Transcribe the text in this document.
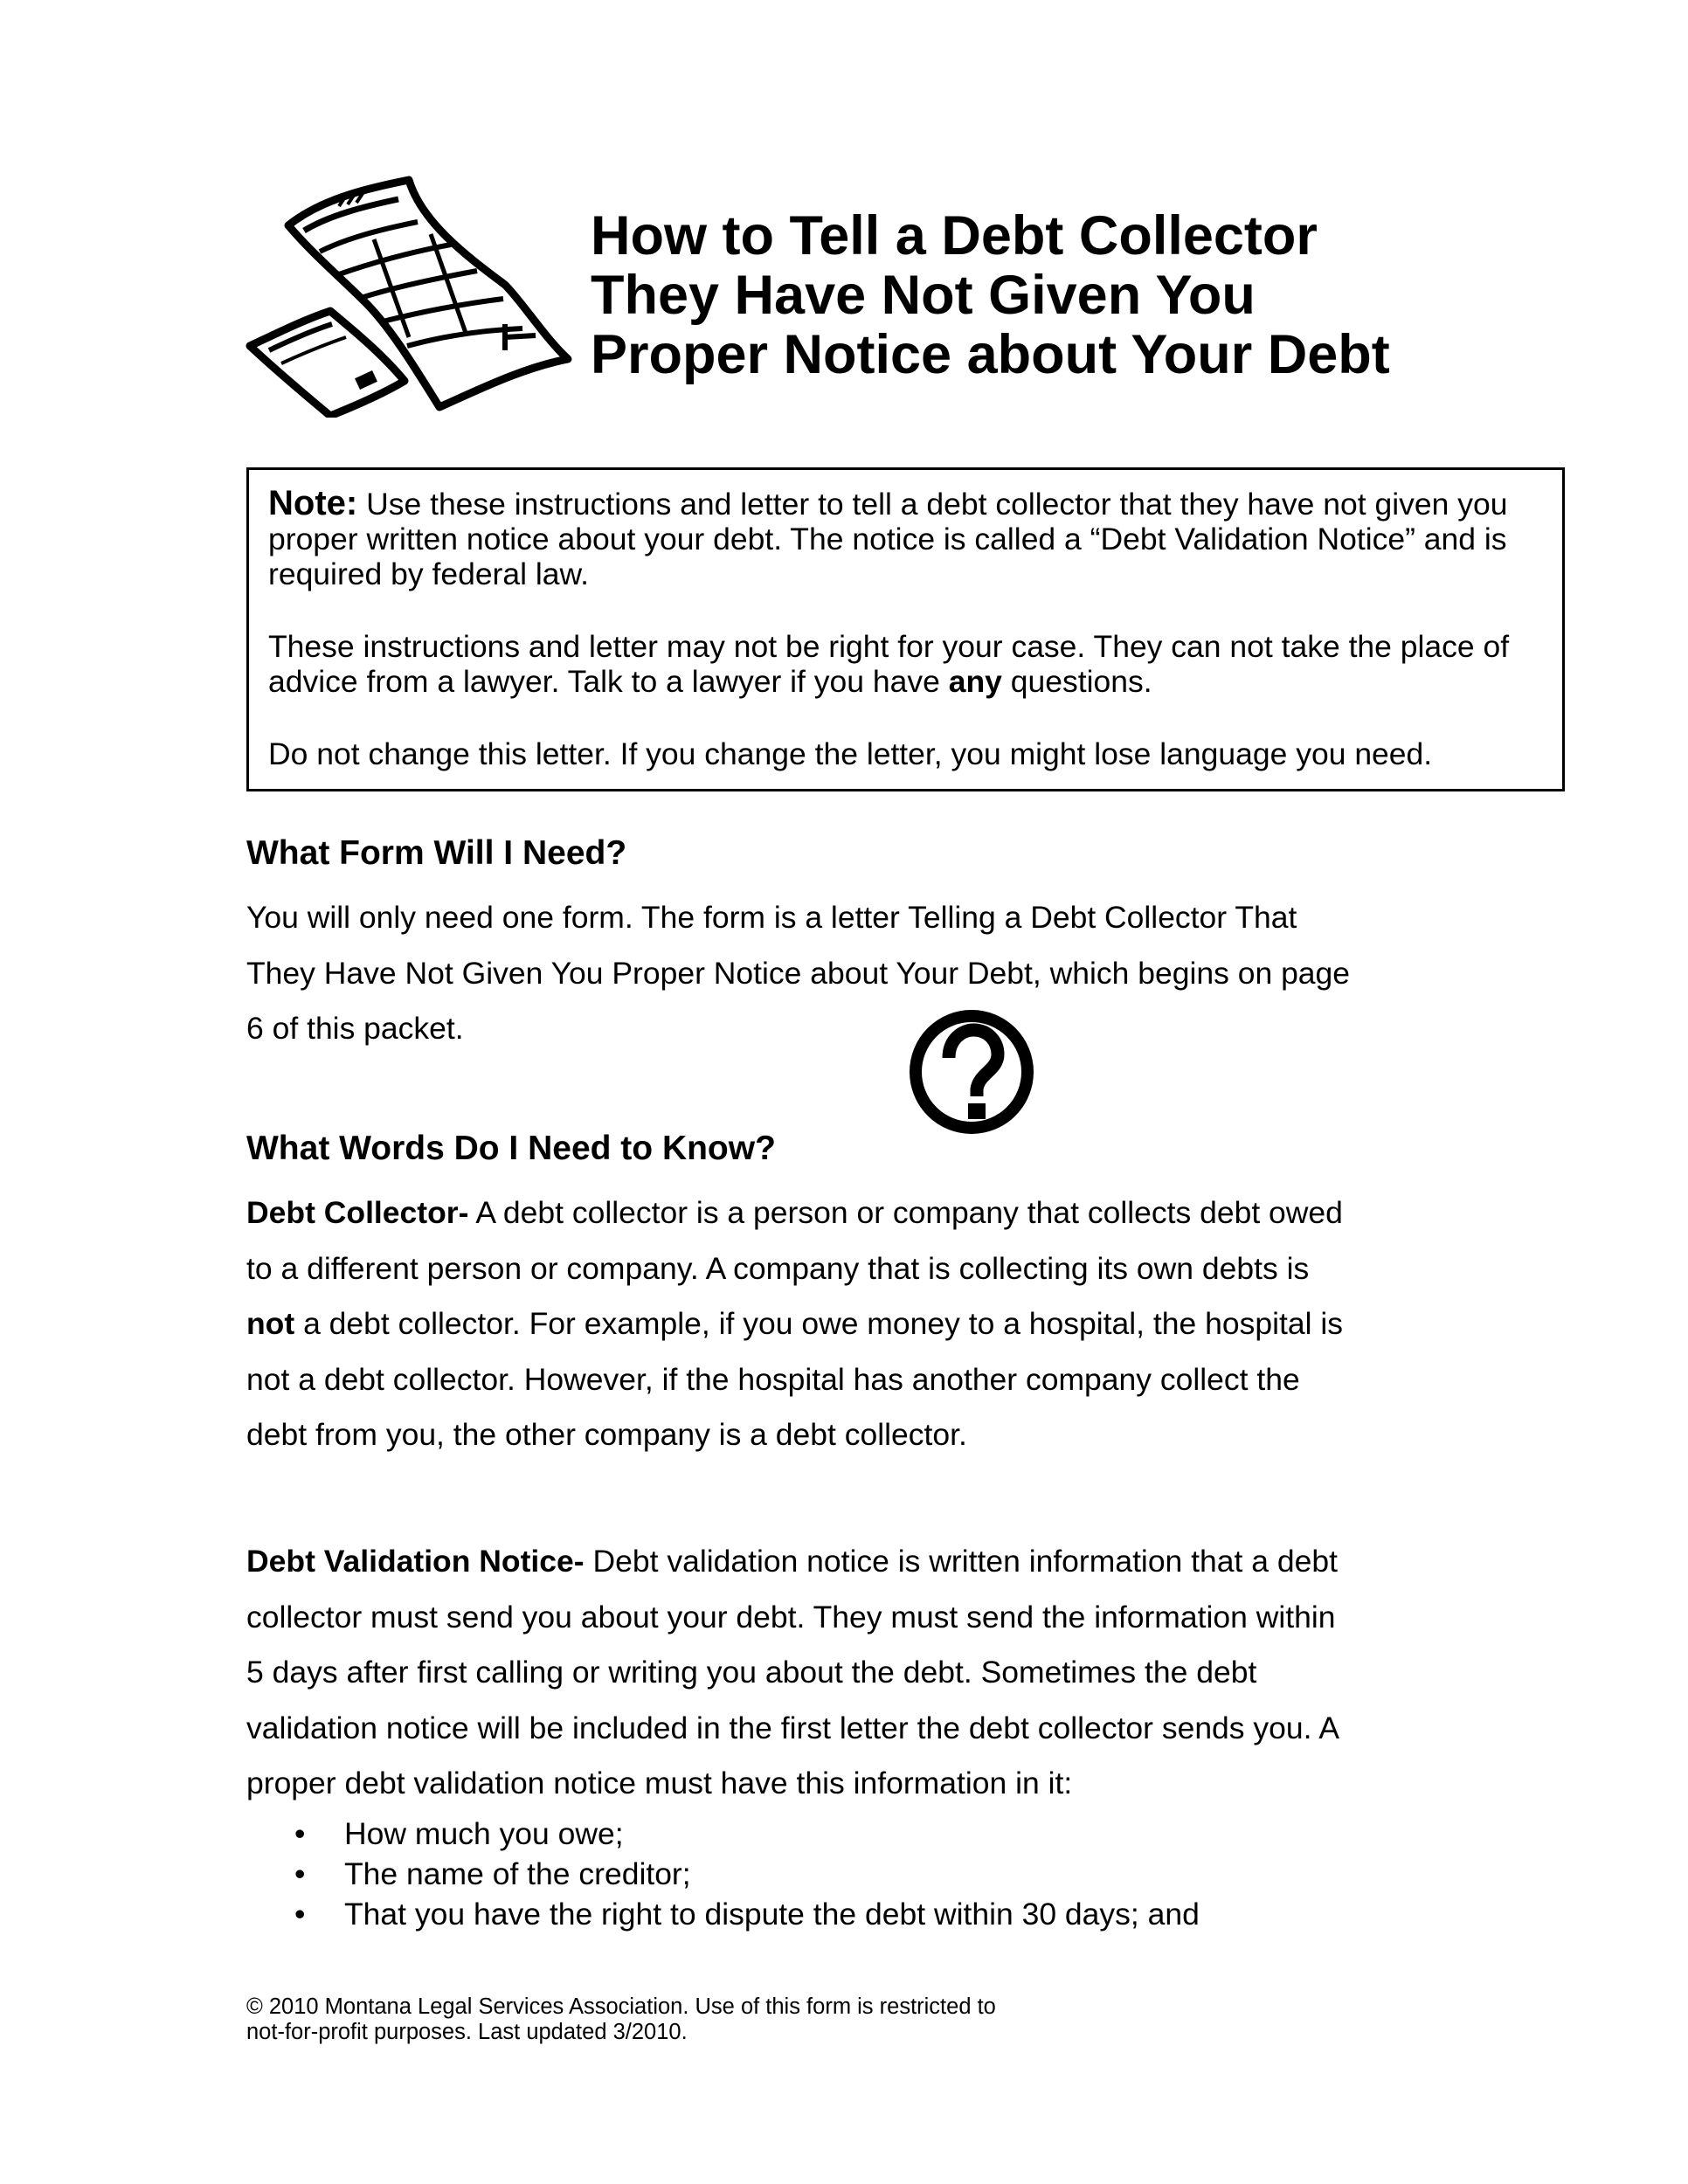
How to Tell a Debt Collector
They Have Not Given You
Proper Notice about Your Debt

Note: Use these instructions and letter to tell a debt collector that they have not given you proper written notice about your debt. The notice is called a “Debt Validation Notice” and is required by federal law.

These instructions and letter may not be right for your case. They can not take the place of advice from a lawyer. Talk to a lawyer if you have any questions.

Do not change this letter. If you change the letter, you might lose language you need.

What Form Will I Need?
You will only need one form. The form is a letter Telling a Debt Collector That
They Have Not Given You Proper Notice about Your Debt, which begins on page
6 of this packet.
What Words Do I Need to Know?
Debt Collector- A debt collector is a person or company that collects debt owed
to a different person or company. A company that is collecting its own debts is
not a debt collector. For example, if you owe money to a hospital, the hospital is
not a debt collector. However, if the hospital has another company collect the
debt from you, the other company is a debt collector.
Debt Validation Notice- Debt validation notice is written information that a debt
collector must send you about your debt. They must send the information within
5 days after first calling or writing you about the debt. Sometimes the debt
validation notice will be included in the first letter the debt collector sends you. A
proper debt validation notice must have this information in it:
• How much you owe;
• The name of the creditor;
• That you have the right to dispute the debt within 30 days; and
© 2010 Montana Legal Services Association. Use of this form is restricted to
not-for-profit purposes. Last updated 3/2010.
